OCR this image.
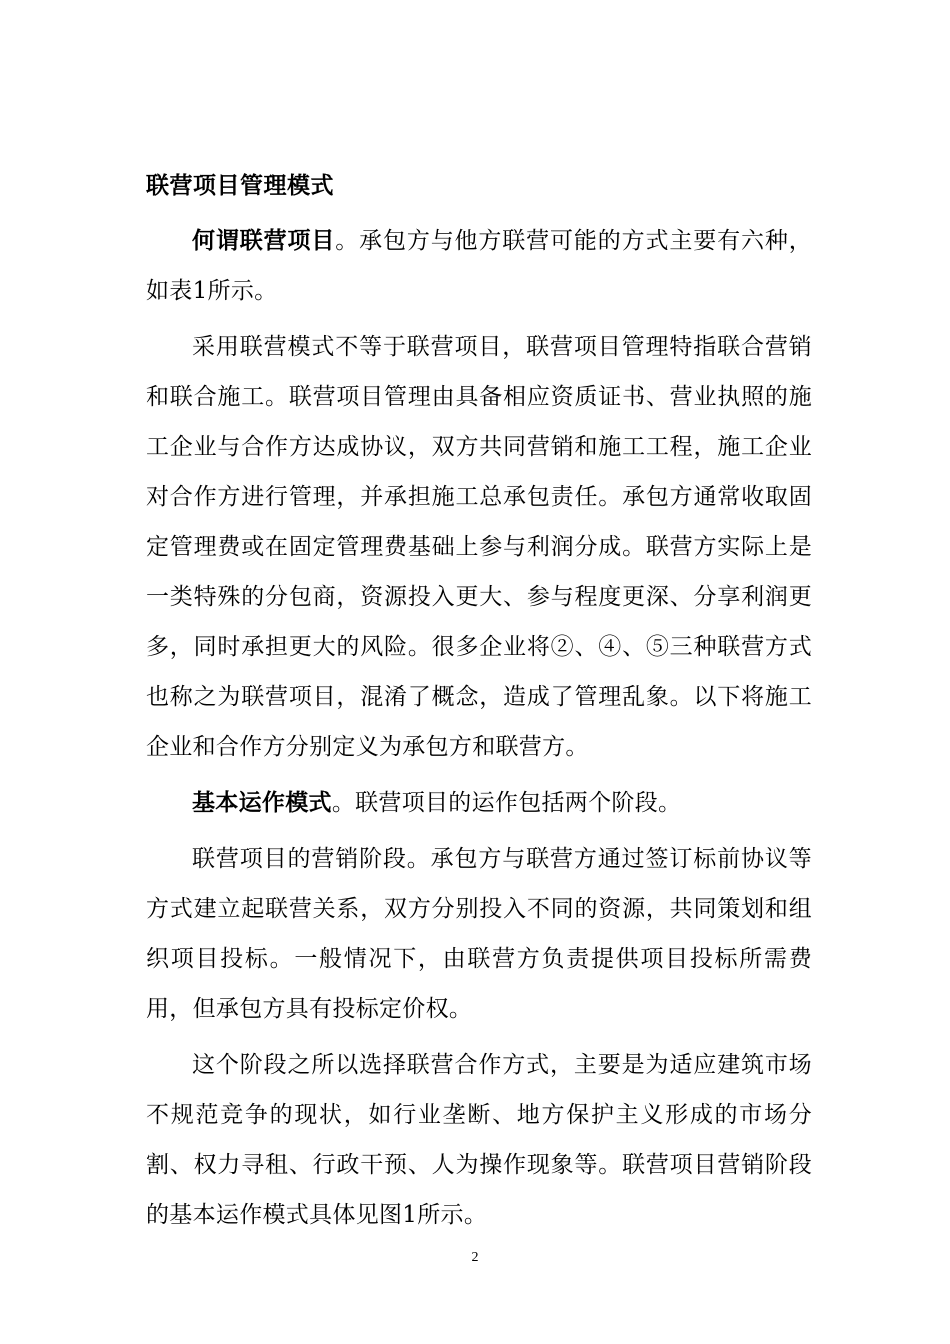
联营项目管理模式

何谓联营项目。承包方与他方联营可能的方式主要有六种，如表1所示。

采用联营模式不等于联营项目，联营项目管理特指联合营销和联合施工。联营项目管理由具备相应资质证书、营业执照的施工企业与合作方达成协议，双方共同营销和施工工程，施工企业对合作方进行管理，并承担施工总承包责任。承包方通常收取固定管理费或在固定管理费基础上参与利润分成。联营方实际上是一类特殊的分包商，资源投入更大、参与程度更深、分享利润更多，同时承担更大的风险。很多企业将②、④、⑤三种联营方式也称之为联营项目，混淆了概念，造成了管理乱象。以下将施工企业和合作方分别定义为承包方和联营方。

基本运作模式。联营项目的运作包括两个阶段。

联营项目的营销阶段。承包方与联营方通过签订标前协议等方式建立起联营关系，双方分别投入不同的资源，共同策划和组织项目投标。一般情况下，由联营方负责提供项目投标所需费用，但承包方具有投标定价权。

这个阶段之所以选择联营合作方式，主要是为适应建筑市场不规范竞争的现状，如行业垄断、地方保护主义形成的市场分割、权力寻租、行政干预、人为操作现象等。联营项目营销阶段的基本运作模式具体见图1所示。

2
